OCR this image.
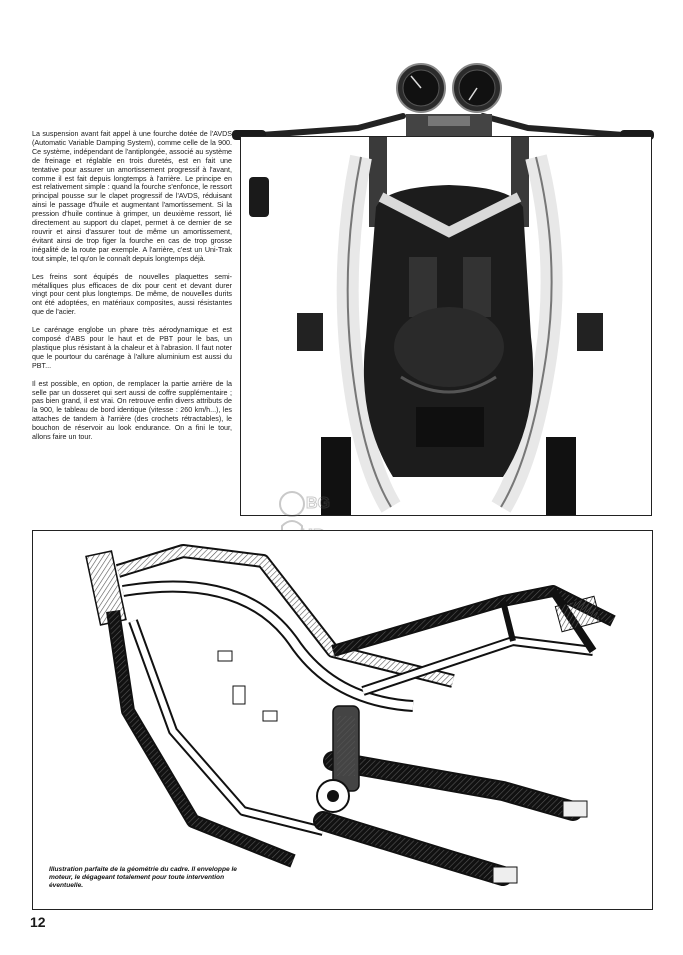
La suspension avant fait appel à une fourche dotée de l'AVDS (Automatic Variable Damping System), comme celle de la 900. Ce système, indépendant de l'antiplongée, associé au système de freinage et réglable en trois duretés, est en fait une tentative pour assurer un amortissement progressif à l'avant, comme il est fait depuis longtemps à l'arrière. Le principe en est relativement simple : quand la fourche s'enfonce, le ressort principal pousse sur le clapet progressif de l'AVDS, réduisant ainsi le passage d'huile et augmentant l'amortissement. Si la pression d'huile continue à grimper, un deuxième ressort, lié directement au support du clapet, permet à ce dernier de se rouvrir et ainsi d'assurer tout de même un amortissement, évitant ainsi de trop figer la fourche en cas de trop grosse inégalité de la route par exemple. A l'arrière, c'est un Uni-Trak tout simple, tel qu'on le connaît depuis longtemps déjà.

Les freins sont équipés de nouvelles plaquettes semi-métalliques plus efficaces de dix pour cent et devant durer vingt pour cent plus longtemps. De même, de nouvelles durits ont été adoptées, en matériaux composites, aussi résistantes que de l'acier.

Le carénage englobe un phare très aérodynamique et est composé d'ABS pour le haut et de PBT pour le bas, un plastique plus résistant à la chaleur et à l'abrasion. Il faut noter que le pourtour du carénage à l'allure aluminium est aussi du PBT...

Il est possible, en option, de remplacer la partie arrière de la selle par un dosseret qui sert aussi de coffre supplémentaire ; pas bien grand, il est vrai. On retrouve enfin divers attributs de la 900, le tableau de bord identique (vitesse : 260 km/h...), les attaches de tandem à l'arrière (des crochets rétractables), le bouchon de réservoir au look endurance. On a fini le tour, allons faire un tour.

BG
Illustration parfaite de la géométrie du cadre. Il enveloppe le moteur, le dégageant totalement pour toute intervention éventuelle.
12
